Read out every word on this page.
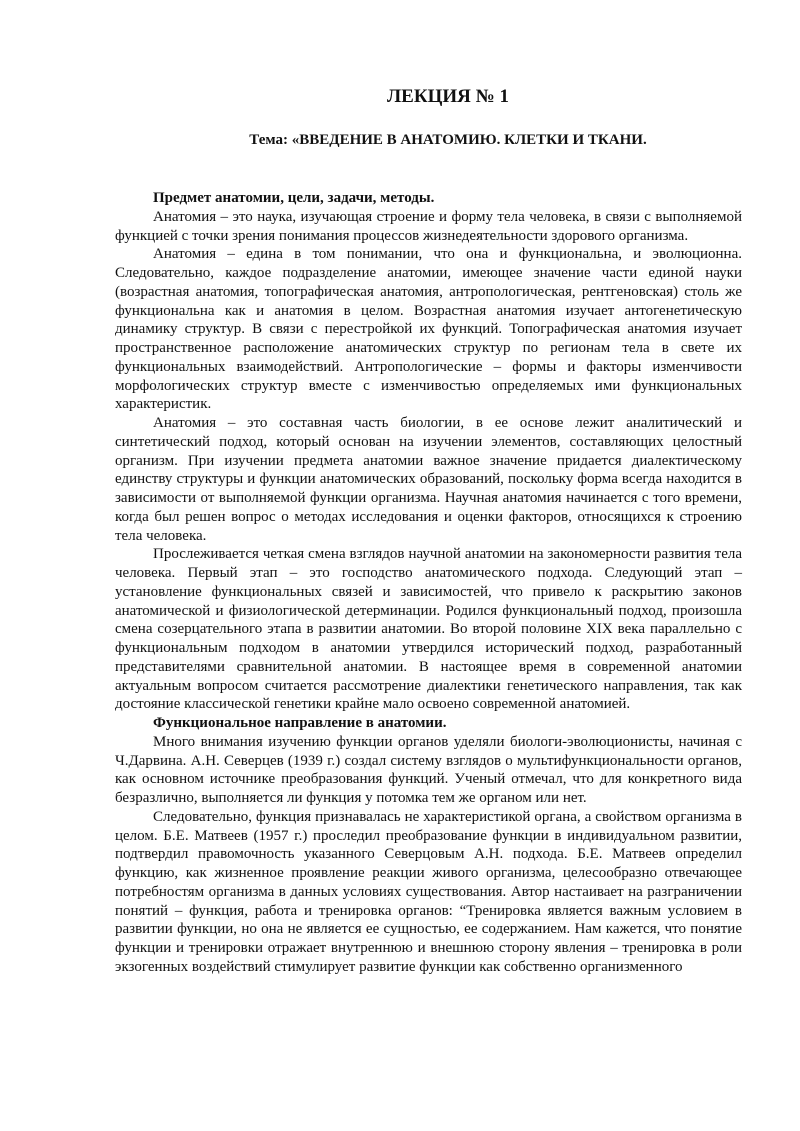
ЛЕКЦИЯ № 1
Тема: «ВВЕДЕНИЕ В АНАТОМИЮ. КЛЕТКИ И ТКАНИ.

Предмет анатомии, цели, задачи, методы.

Анатомия – это наука, изучающая строение и форму тела человека, в связи с выполняемой функцией с точки зрения понимания процессов жизнедеятельности здорового организма.

Анатомия – едина в том понимании, что она и функциональна, и эволюционна. Следовательно, каждое подразделение анатомии, имеющее значение части единой науки (возрастная анатомия, топографическая анатомия, антропологическая, рентгеновская) столь же функциональна как и анатомия в целом. Возрастная анатомия изучает антогенетическую динамику структур. В связи с перестройкой их функций. Топографическая анатомия изучает пространственное расположение анатомических структур по регионам тела в свете их функциональных взаимодействий. Антропологические – формы и факторы изменчивости морфологических структур вместе с изменчивостью определяемых ими функциональных характеристик.

Анатомия – это составная часть биологии, в ее основе лежит аналитический и синтетический подход, который основан на изучении элементов, составляющих целостный организм. При изучении предмета анатомии важное значение придается диалектическому единству структуры и функции анатомических образований, поскольку форма всегда находится в зависимости от выполняемой функции организма. Научная анатомия начинается с того времени, когда был решен вопрос о методах исследования и оценки факторов, относящихся к строению тела человека.

Прослеживается четкая смена взглядов научной анатомии на закономерности развития тела человека. Первый этап – это господство анатомического подхода. Следующий этап – установление функциональных связей и зависимостей, что привело к раскрытию законов анатомической и физиологической детерминации. Родился функциональный подход, произошла смена созерцательного этапа в развитии анатомии. Во второй половине XIX века параллельно с функциональным подходом в анатомии утвердился исторический подход, разработанный представителями сравнительной анатомии. В настоящее время в современной анатомии актуальным вопросом считается рассмотрение диалектики генетического направления, так как достояние классической генетики крайне мало освоено современной анатомией.

Функциональное направление в анатомии.

Много внимания изучению функции органов уделяли биологи-эволюционисты, начиная с Ч.Дарвина. А.Н. Северцев (1939 г.) создал систему взглядов о мультифункциональности органов, как основном источнике преобразования функций. Ученый отмечал, что для конкретного вида безразлично, выполняется ли функция у потомка тем же органом или нет.

Следовательно, функция признавалась не характеристикой органа, а свойством организма в целом. Б.Е. Матвеев (1957 г.) проследил преобразование функции в индивидуальном развитии, подтвердил правомочность указанного Северцовым А.Н. подхода. Б.Е. Матвеев определил функцию, как жизненное проявление реакции живого организма, целесообразно отвечающее потребностям организма в данных условиях существования. Автор настаивает на разграничении понятий – функция, работа и тренировка органов: “Тренировка является важным условием в развитии функции, но она не является ее сущностью, ее содержанием. Нам кажется, что понятие функции и тренировки отражает внутреннюю и внешнюю сторону явления – тренировка в роли экзогенных воздействий стимулирует развитие функции как собственно организменного
